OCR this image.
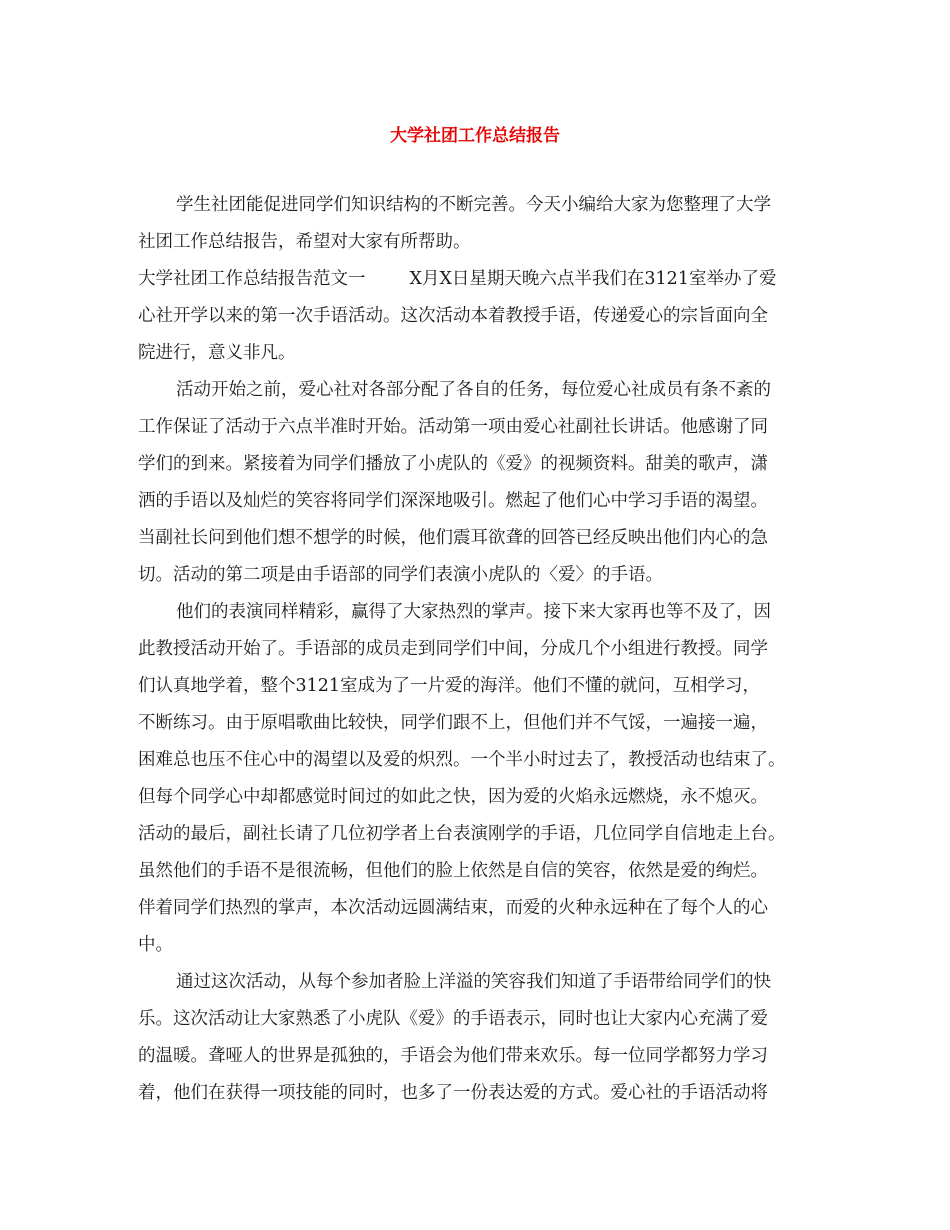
大学社团工作总结报告
学生社团能促进同学们知识结构的不断完善。今天小编给大家为您整理了大学
社团工作总结报告，希望对大家有所帮助。
大学社团工作总结报告范文一	X月X日星期天晚六点半我们在3121室举办了爱
心社开学以来的第一次手语活动。这次活动本着教授手语，传递爱心的宗旨面向全
院进行，意义非凡。
活动开始之前，爱心社对各部分配了各自的任务，每位爱心社成员有条不紊的
工作保证了活动于六点半准时开始。活动第一项由爱心社副社长讲话。他感谢了同
学们的到来。紧接着为同学们播放了小虎队的《爱》的视频资料。甜美的歌声，潇
洒的手语以及灿烂的笑容将同学们深深地吸引。燃起了他们心中学习手语的渴望。
当副社长问到他们想不想学的时候，他们震耳欲聋的回答已经反映出他们内心的急
切。活动的第二项是由手语部的同学们表演小虎队的〈爱〉的手语。
他们的表演同样精彩，赢得了大家热烈的掌声。接下来大家再也等不及了，因
此教授活动开始了。手语部的成员走到同学们中间，分成几个小组进行教授。同学
们认真地学着，整个3121室成为了一片爱的海洋。他们不懂的就问，互相学习，
不断练习。由于原唱歌曲比较快，同学们跟不上，但他们并不气馁，一遍接一遍，
困难总也压不住心中的渴望以及爱的炽烈。一个半小时过去了，教授活动也结束了。
但每个同学心中却都感觉时间过的如此之快，因为爱的火焰永远燃烧，永不熄灭。
活动的最后，副社长请了几位初学者上台表演刚学的手语，几位同学自信地走上台。
虽然他们的手语不是很流畅，但他们的脸上依然是自信的笑容，依然是爱的绚烂。
伴着同学们热烈的掌声，本次活动远圆满结束，而爱的火种永远种在了每个人的心
中。
通过这次活动，从每个参加者脸上洋溢的笑容我们知道了手语带给同学们的快
乐。这次活动让大家熟悉了小虎队《爱》的手语表示，同时也让大家内心充满了爱
的温暖。聋哑人的世界是孤独的，手语会为他们带来欢乐。每一位同学都努力学习
着，他们在获得一项技能的同时，也多了一份表达爱的方式。爱心社的手语活动将
